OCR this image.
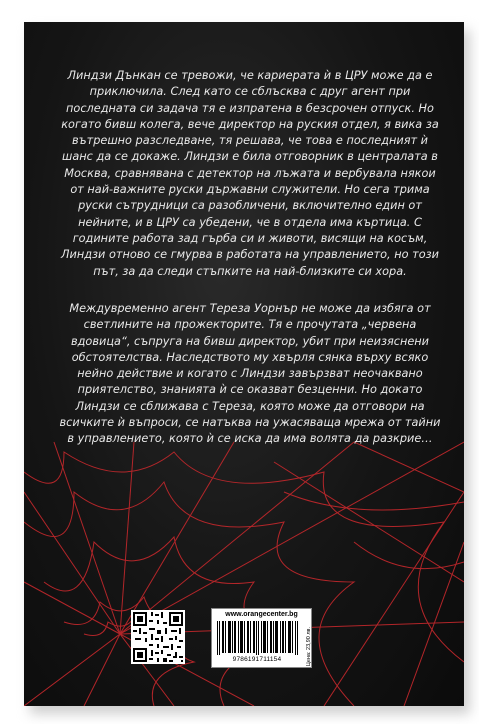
Линдзи Дънкан се тревожи, че кариерата ѝ в ЦРУ може да е приключила. След като се сблъсква с друг агент при последната си задача тя е изпратена в безсрочен отпуск. Но когато бивш колега, вече директор на руския отдел, я вика за вътрешно разследване, тя решава, че това е последният ѝ шанс да се докаже. Линдзи е била отговорник в централата в Москва, сравнявана с детектор на лъжата и вербувала някои от най-важните руски държавни служители. Но сега трима руски сътрудници са разобличени, включително един от нейните, и в ЦРУ са убедени, че в отдела има къртица. С годините работа зад гърба си и животи, висящи на косъм, Линдзи отново се гмурва в работата на управлението, но този път, за да следи стъпките на най-близките си хора.

Междувременно агент Тереза Уорнър не може да избяга от светлините на прожекторите. Тя е прочутата „червена вдовица“, съпруга на бивш директор, убит при неизяснени обстоятелства. Наследството му хвърля сянка върху всяко нейно действие и когато с Линдзи завързват неочаквано приятелство, знанията ѝ се оказват безценни. Но докато Линдзи се сближава с Тереза, която може да отговори на всичките ѝ въпроси, се натъква на ужасяваща мрежа от тайни в управлението, която ѝ се иска да има волята да разкрие…

www.orangecenter.bg
Цена: 23,90 лв.
9786191711154
